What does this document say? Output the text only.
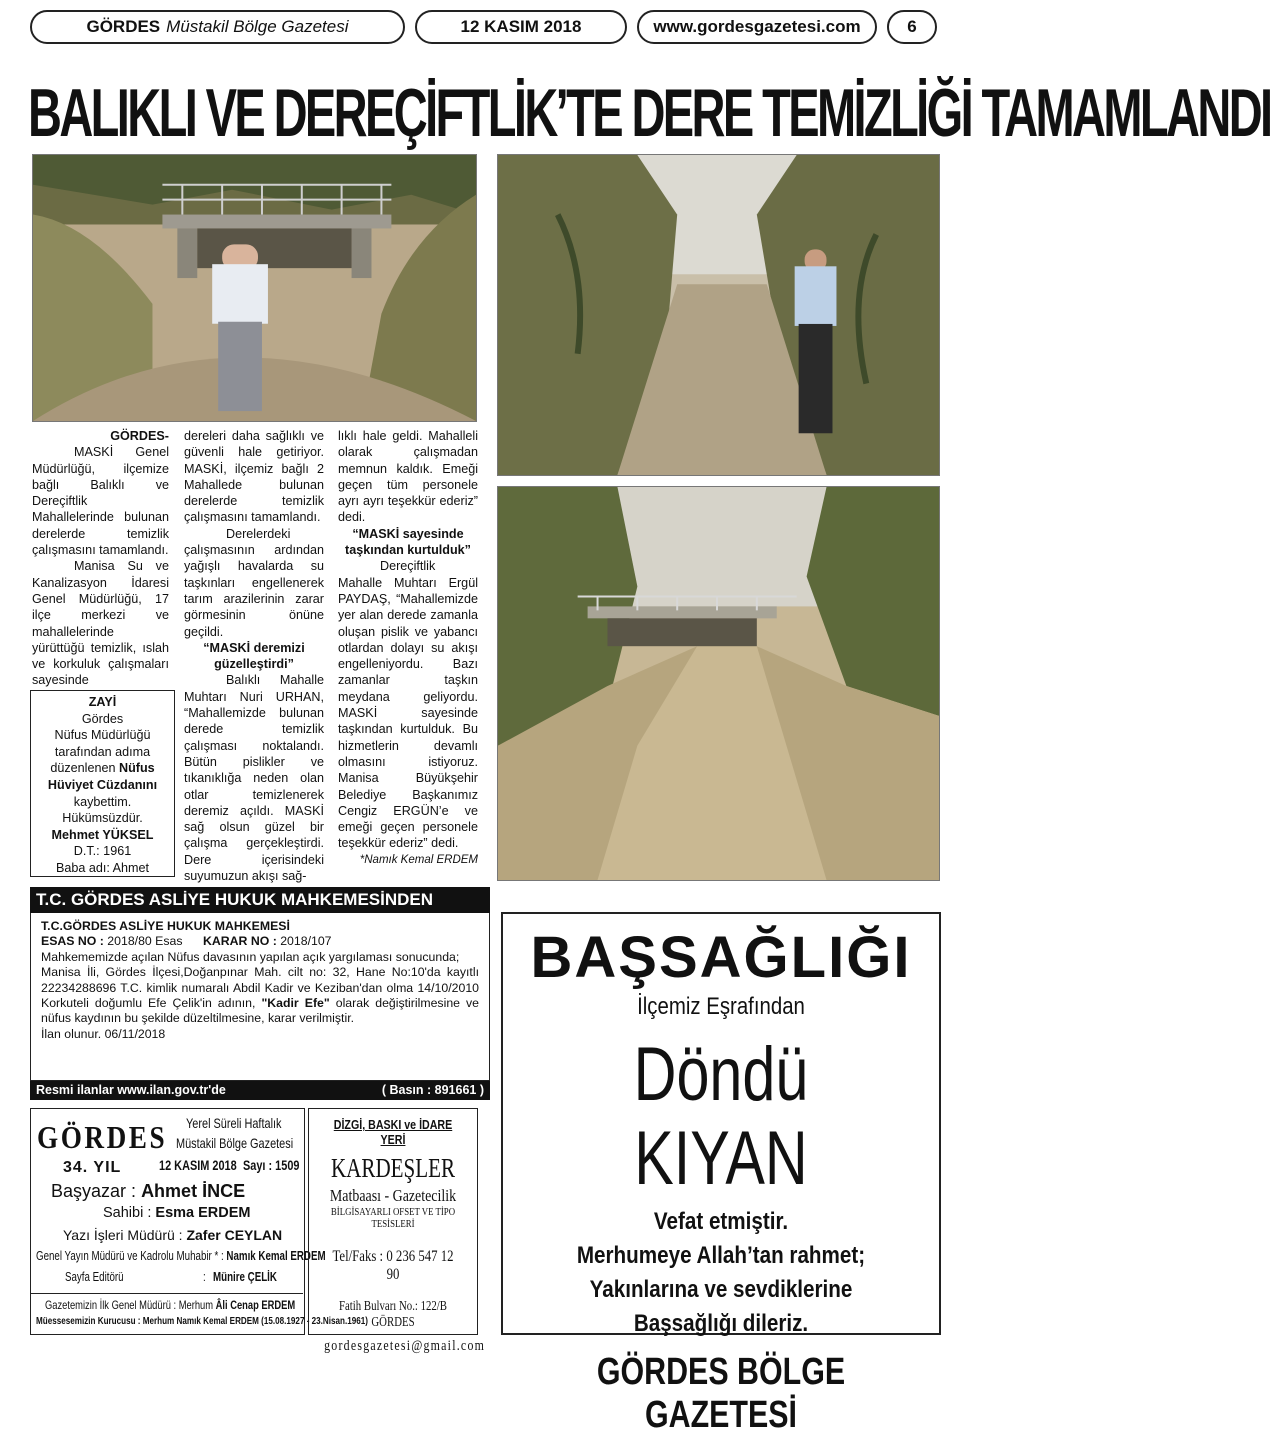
GÖRDES Müstakil Bölge Gazetesi	12 KASIM 2018	www.gordesgazetesi.com	6
BALIKLI VE DEREÇİFTLİK’TE DERE TEMİZLİĞİ TAMAMLANDI

GÖRDES-

MASKİ Genel Müdürlüğü, ilçemize bağlı Balıklı ve Dereçiftlik Mahallelerinde bulunan derelerde temizlik çalışmasını tamamlandı.

Manisa Su ve Kanalizasyon İdaresi Genel Müdürlüğü, 17 ilçe merkezi ve mahallelerinde yürüttüğü temizlik, ıslah ve korkuluk çalışmaları sayesinde

dereleri daha sağlıklı ve güvenli hale getiriyor. MASKİ, ilçemiz bağlı 2 Mahallede bulunan derelerde temizlik çalışmasını tamamlandı.

Derelerdeki çalışmasının ardından yağışlı havalarda su taşkınları engellenerek tarım arazilerinin zarar görmesinin önüne geçildi.

“MASKİ deremizi güzelleştirdi”

Balıklı Mahalle Muhtarı Nuri URHAN, “Mahallemizde bulunan derede temizlik çalışması noktalandı. Bütün pislikler ve tıkanıklığa neden olan otlar temizlenerek deremiz açıldı. MASKİ sağ olsun güzel bir çalışma gerçekleştirdi. Dere içerisindeki suyumuzun akışı sağ-

lıklı hale geldi. Mahalleli olarak çalışmadan memnun kaldık. Emeği geçen tüm personele ayrı ayrı teşekkür ederiz” dedi.

“MASKİ sayesinde taşkından kurtulduk”

Dereçiftlik Mahalle Muhtarı Ergül PAYDAŞ, “Mahallemizde yer alan derede zamanla oluşan pislik ve yabancı otlardan dolayı su akışı engelleniyordu. Bazı zamanlar taşkın meydana geliyordu. MASKİ sayesinde taşkından kurtulduk. Bu hizmetlerin devamlı olmasını istiyoruz. Manisa Büyükşehir Belediye Başkanımız Cengiz ERGÜN’e ve emeği geçen personele teşekkür ederiz” dedi.

*Namık Kemal ERDEM

ZAYİ
Gördes
Nüfus Müdürlüğü
tarafından adıma
düzenlenen Nüfus
Hüviyet Cüzdanını
kaybettim.
Hükümsüzdür.
Mehmet YÜKSEL
D.T.: 1961
Baba adı: Ahmet
T.C. GÖRDES ASLİYE HUKUK MAHKEMESİNDEN
T.C.GÖRDES ASLİYE HUKUK MAHKEMESİ
ESAS NO : 2018/80 Esas KARAR NO : 2018/107
Mahkememizde açılan Nüfus davasının yapılan açık yargılaması sonucunda;
Manisa İli, Gördes İlçesi,Doğanpınar Mah. cilt no: 32, Hane No:10'da kayıtlı 22234288696 T.C. kimlik numaralı Abdil Kadir ve Keziban'dan olma 14/10/2010 Korkuteli doğumlu Efe Çelik'in adının, "Kadir Efe" olarak değiştirilmesine ve nüfus kaydının bu şekilde düzeltilmesine, karar verilmiştir.
İlan olunur. 06/11/2018
Resmi ilanlar www.ilan.gov.tr'de	( Basın : 891661 )
GÖRDES
34. YIL
Yerel Süreli Haftalık
Müstakil Bölge Gazetesi
12 KASIM 2018 Sayı : 1509
Başyazar : Ahmet İNCE
Sahibi : Esma ERDEM
Yazı İşleri Müdürü : Zafer CEYLAN
Genel Yayın Müdürü ve Kadrolu Muhabir * : Namık Kemal ERDEM
Sayfa Editörü	: Münire ÇELİK
Gazetemizin İlk Genel Müdürü : Merhum Âli Cenap ERDEM
Müessesemizin Kurucusu : Merhum Namık Kemal ERDEM (15.08.1927 - 23.Nisan.1961)
DİZGİ, BASKI ve İDARE YERİ
KARDEŞLER
Matbaası - Gazetecilik
BİLGİSAYARLI OFSET VE TİPO TESİSLERİ
Tel/Faks : 0 236 547 12 90
Fatih Bulvarı No.: 122/B GÖRDES
gordesgazetesi@gmail.com
BAŞSAĞLIĞI
İlçemiz Eşrafından
Döndü KIYAN
Vefat etmiştir.
Merhumeye Allah’tan rahmet;
Yakınlarına ve sevdiklerine
Başsağlığı dileriz.
GÖRDES BÖLGE GAZETESİ
